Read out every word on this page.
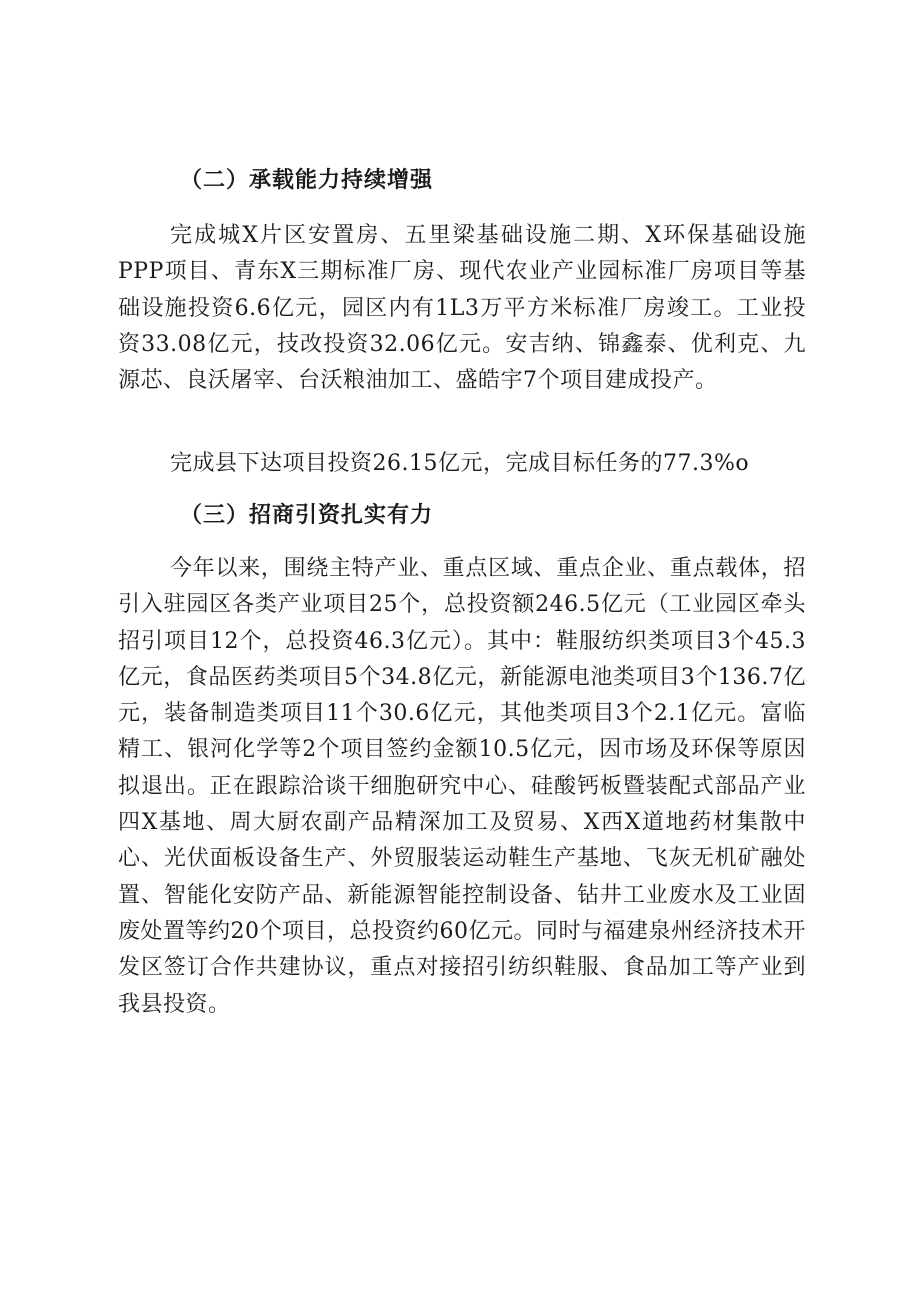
（二）承载能力持续增强

完成城X片区安置房、五里梁基础设施二期、X环保基础设施PPP项目、青东X三期标准厂房、现代农业产业园标准厂房项目等基础设施投资6.6亿元，园区内有1L3万平方米标准厂房竣工。工业投资33.08亿元，技改投资32.06亿元。安吉纳、锦鑫泰、优利克、九源芯、良沃屠宰、台沃粮油加工、盛皓宇7个项目建成投产。

完成县下达项目投资26.15亿元，完成目标任务的77.3%o

（三）招商引资扎实有力

今年以来，围绕主特产业、重点区域、重点企业、重点载体，招引入驻园区各类产业项目25个，总投资额246.5亿元（工业园区牵头招引项目12个，总投资46.3亿元）。其中：鞋服纺织类项目3个45.3亿元，食品医药类项目5个34.8亿元，新能源电池类项目3个136.7亿元，装备制造类项目11个30.6亿元，其他类项目3个2.1亿元。富临精工、银河化学等2个项目签约金额10.5亿元，因市场及环保等原因拟退出。正在跟踪洽谈干细胞研究中心、硅酸钙板暨装配式部品产业四X基地、周大厨农副产品精深加工及贸易、X西X道地药材集散中心、光伏面板设备生产、外贸服装运动鞋生产基地、飞灰无机矿融处置、智能化安防产品、新能源智能控制设备、钻井工业废水及工业固废处置等约20个项目，总投资约60亿元。同时与福建泉州经济技术开发区签订合作共建协议，重点对接招引纺织鞋服、食品加工等产业到我县投资。
